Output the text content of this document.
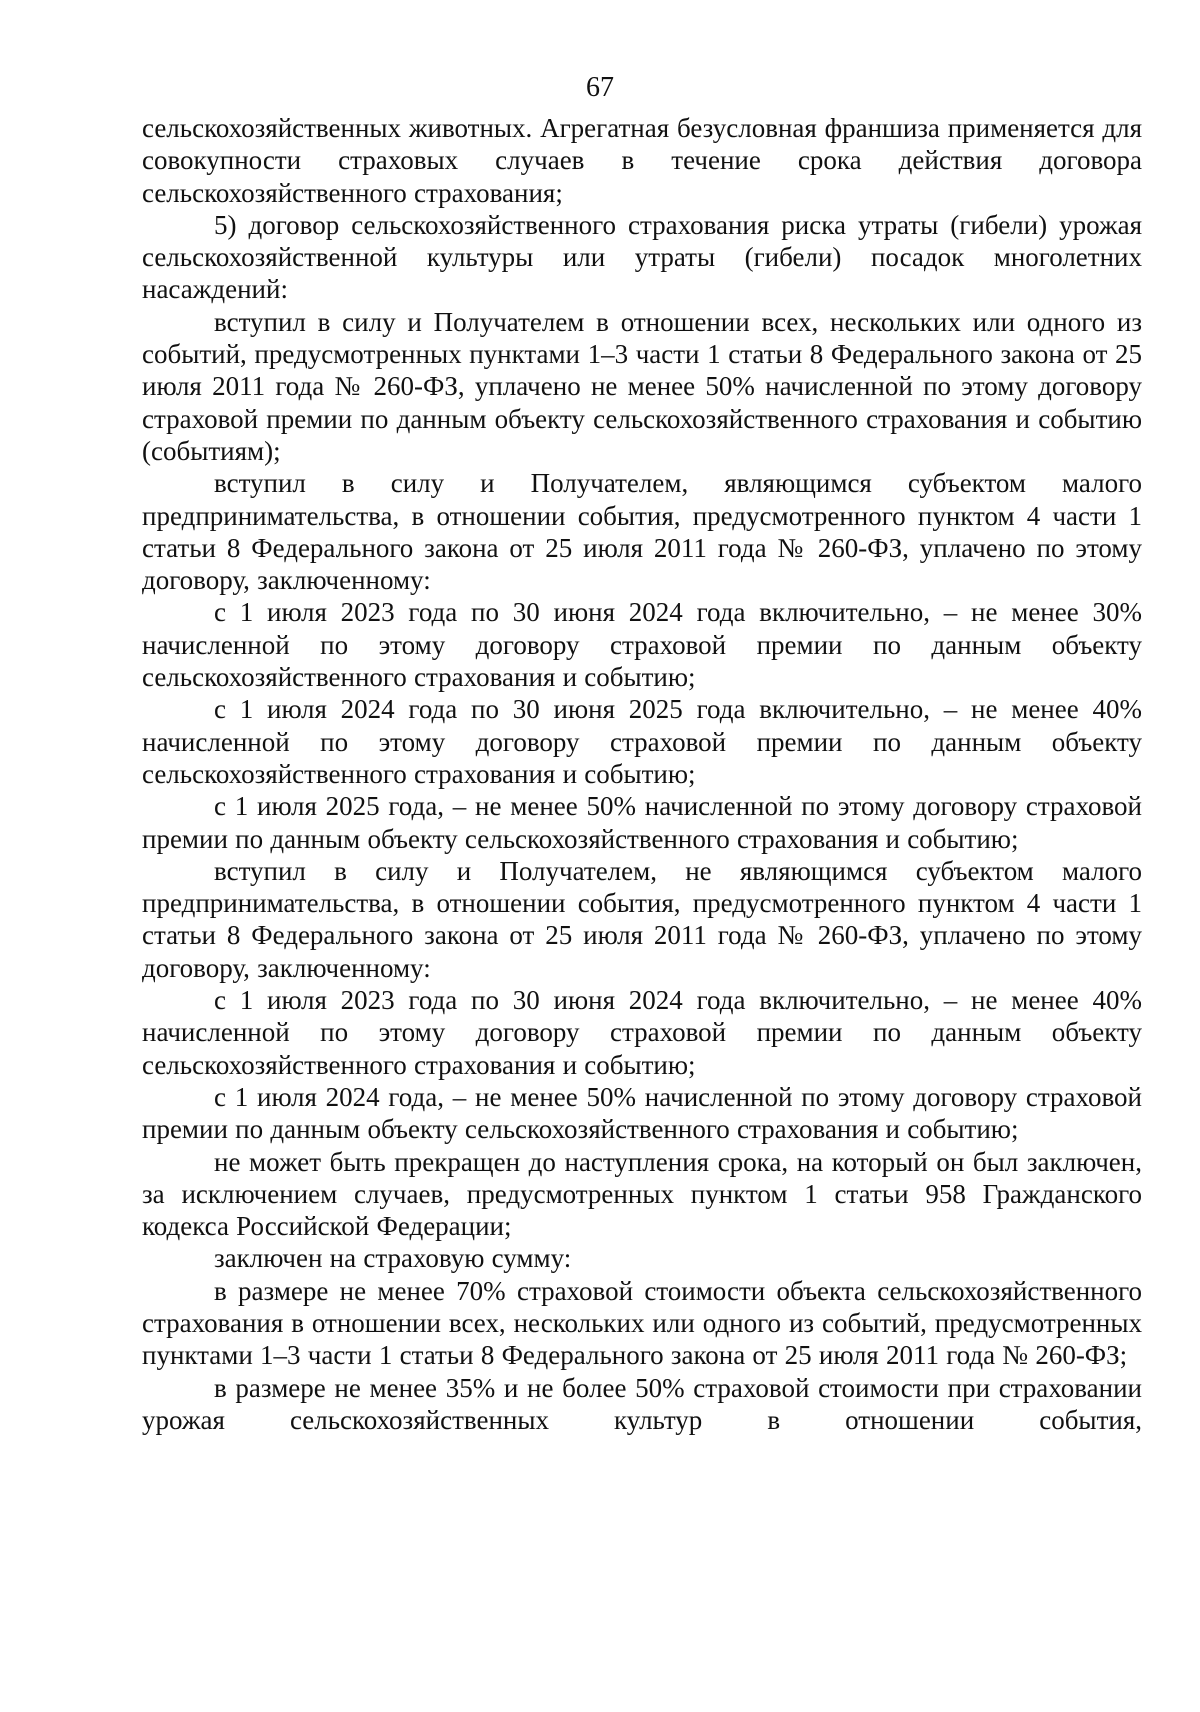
67

сельскохозяйственных животных. Агрегатная безусловная франшиза применяется для совокупности страховых случаев в течение срока действия договора сельскохозяйственного страхования;

5) договор сельскохозяйственного страхования риска утраты (гибели) урожая сельскохозяйственной культуры или утраты (гибели) посадок многолетних насаждений:

вступил в силу и Получателем в отношении всех, нескольких или одного из событий, предусмотренных пунктами 1–3 части 1 статьи 8 Федерального закона от 25 июля 2011 года № 260-ФЗ, уплачено не менее 50% начисленной по этому договору страховой премии по данным объекту сельскохозяйственного страхования и событию (событиям);

вступил в силу и Получателем, являющимся субъектом малого предпринимательства, в отношении события, предусмотренного пунктом 4 части 1 статьи 8 Федерального закона от 25 июля 2011 года № 260-ФЗ, уплачено по этому договору, заключенному:

с 1 июля 2023 года по 30 июня 2024 года включительно, – не менее 30% начисленной по этому договору страховой премии по данным объекту сельскохозяйственного страхования и событию;

с 1 июля 2024 года по 30 июня 2025 года включительно, – не менее 40% начисленной по этому договору страховой премии по данным объекту сельскохозяйственного страхования и событию;

с 1 июля 2025 года, – не менее 50% начисленной по этому договору страховой премии по данным объекту сельскохозяйственного страхования и событию;

вступил в силу и Получателем, не являющимся субъектом малого предпринимательства, в отношении события, предусмотренного пунктом 4 части 1 статьи 8 Федерального закона от 25 июля 2011 года № 260-ФЗ, уплачено по этому договору, заключенному:

с 1 июля 2023 года по 30 июня 2024 года включительно, – не менее 40% начисленной по этому договору страховой премии по данным объекту сельскохозяйственного страхования и событию;

с 1 июля 2024 года, – не менее 50% начисленной по этому договору страховой премии по данным объекту сельскохозяйственного страхования и событию;

не может быть прекращен до наступления срока, на который он был заключен, за исключением случаев, предусмотренных пунктом 1 статьи 958 Гражданского кодекса Российской Федерации;

заключен на страховую сумму:

в размере не менее 70% страховой стоимости объекта сельскохозяйственного страхования в отношении всех, нескольких или одного из событий, предусмотренных пунктами 1–3 части 1 статьи 8 Федерального закона от 25 июля 2011 года № 260-ФЗ;

в размере не менее 35% и не более 50% страховой стоимости при страховании урожая сельскохозяйственных культур в отношении события,
